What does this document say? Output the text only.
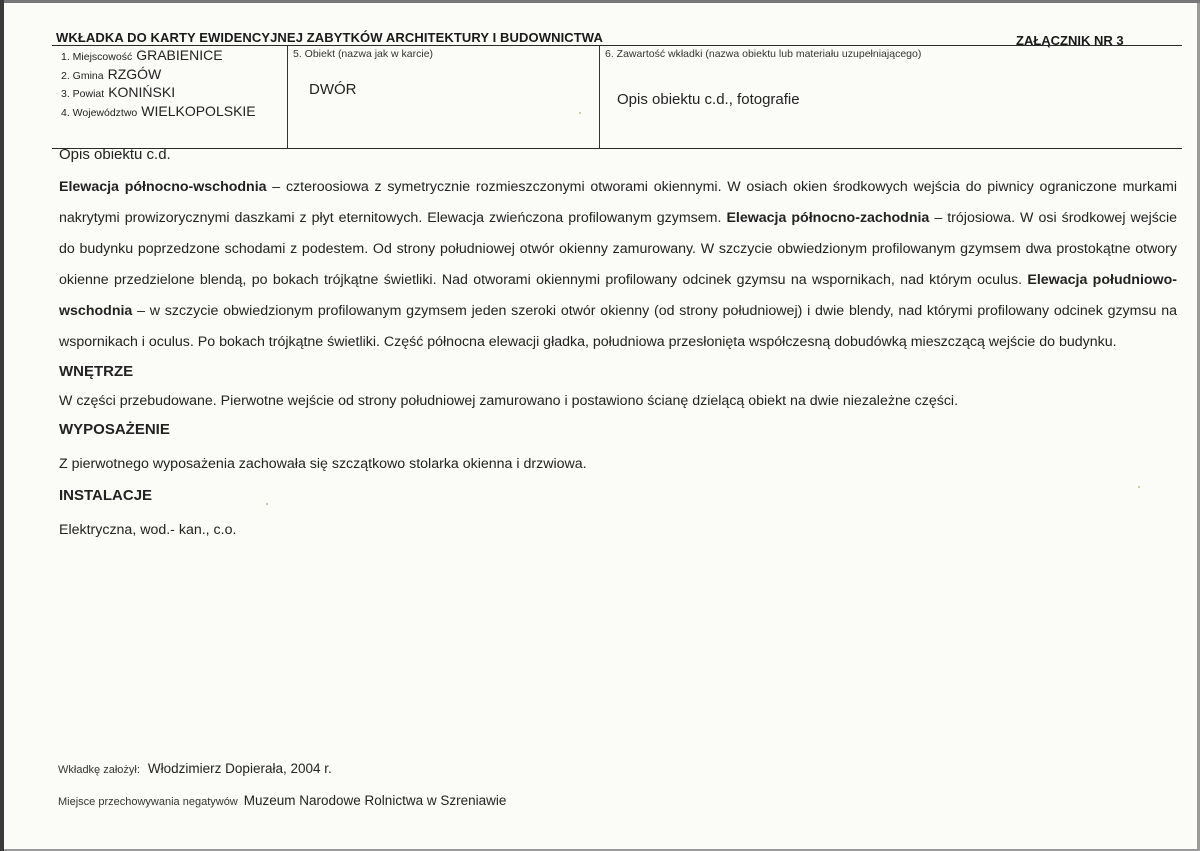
WKŁADKA DO KARTY EWIDENCYJNEJ ZABYTKÓW ARCHITEKTURY I BUDOWNICTWA	ZAŁĄCZNIK NR 3
1. Miejscowość GRABIENICE
2. Gmina RZGÓW
3. Powiat KONIŃSKI
4. Województwo WIELKOPOLSKIE
5. Obiekt (nazwa jak w karcie)
DWÓR
6. Zawartość wkładki (nazwa obiektu lub materiału uzupełniającego)
Opis obiektu c.d., fotografie

Opis obiektu c.d.

Elewacja północno-wschodnia – czteroosiowa z symetrycznie rozmieszczonymi otworami okiennymi. W osiach okien środkowych wejścia do piwnicy ograniczone murkami nakrytymi prowizorycznymi daszkami z płyt eternitowych. Elewacja zwieńczona profilowanym gzymsem. Elewacja północno-zachodnia – trójosiowa. W osi środkowej wejście do budynku poprzedzone schodami z podestem. Od strony południowej otwór okienny zamurowany. W szczycie obwiedzionym profilowanym gzymsem dwa prostokątne otwory okienne przedzielone blendą, po bokach trójkątne świetliki. Nad otworami okiennymi profilowany odcinek gzymsu na wspornikach, nad którym oculus. Elewacja południowo-wschodnia – w szczycie obwiedzionym profilowanym gzymsem jeden szeroki otwór okienny (od strony południowej) i dwie blendy, nad którymi profilowany odcinek gzymsu na wspornikach i oculus. Po bokach trójkątne świetliki. Część północna elewacji gładka, południowa przesłonięta współczesną dobudówką mieszczącą wejście do budynku.

WNĘTRZE

W części przebudowane. Pierwotne wejście od strony południowej zamurowano i postawiono ścianę dzielącą obiekt na dwie niezależne części.

WYPOSAŻENIE

Z pierwotnego wyposażenia zachowała się szczątkowo stolarka okienna i drzwiowa.

INSTALACJE

Elektryczna, wod.- kan., c.o.

Wkładkę założył: Włodzimierz Dopierała, 2004 r.
Miejsce przechowywania negatywów Muzeum Narodowe Rolnictwa w Szreniawie
